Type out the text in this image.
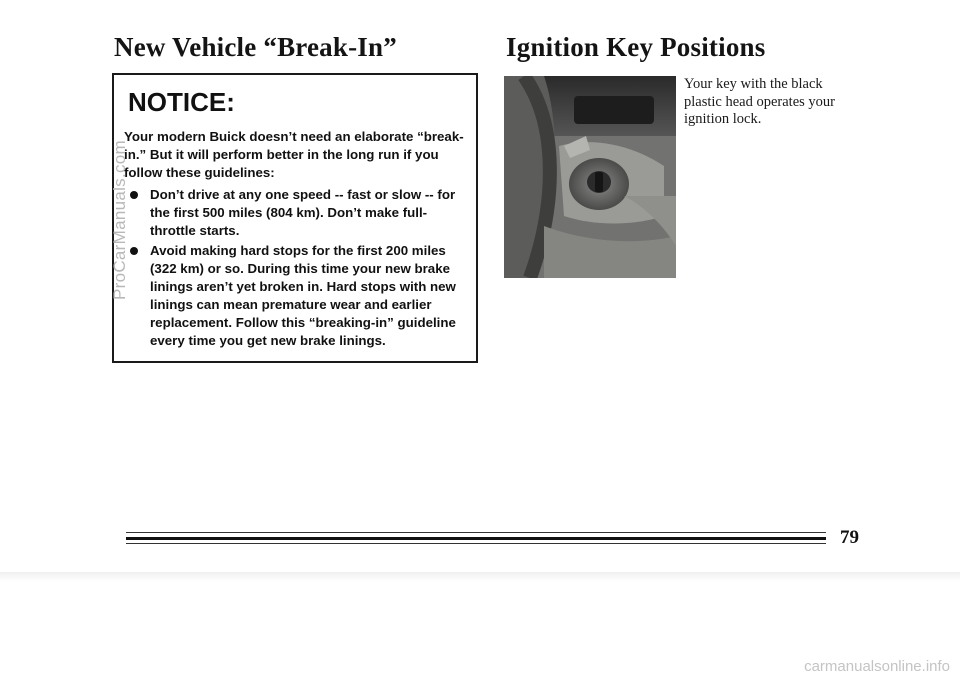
New Vehicle “Break-In”	Ignition Key Positions
NOTICE:

Your modern Buick doesn’t need an elaborate “break-in.” But it will perform better in the long run if you follow these guidelines:

Don’t drive at any one speed -- fast or slow -- for the first 500 miles (804 km). Don’t make full-throttle starts.
Avoid making hard stops for the first 200 miles (322 km) or so. During this time your new brake linings aren’t yet broken in. Hard stops with new linings can mean premature wear and earlier replacement. Follow this “breaking-in” guideline every time you get new brake linings.

Your key with the black plastic head operates your ignition lock.

ProCarManuals.com
79
carmanualsonline.info
